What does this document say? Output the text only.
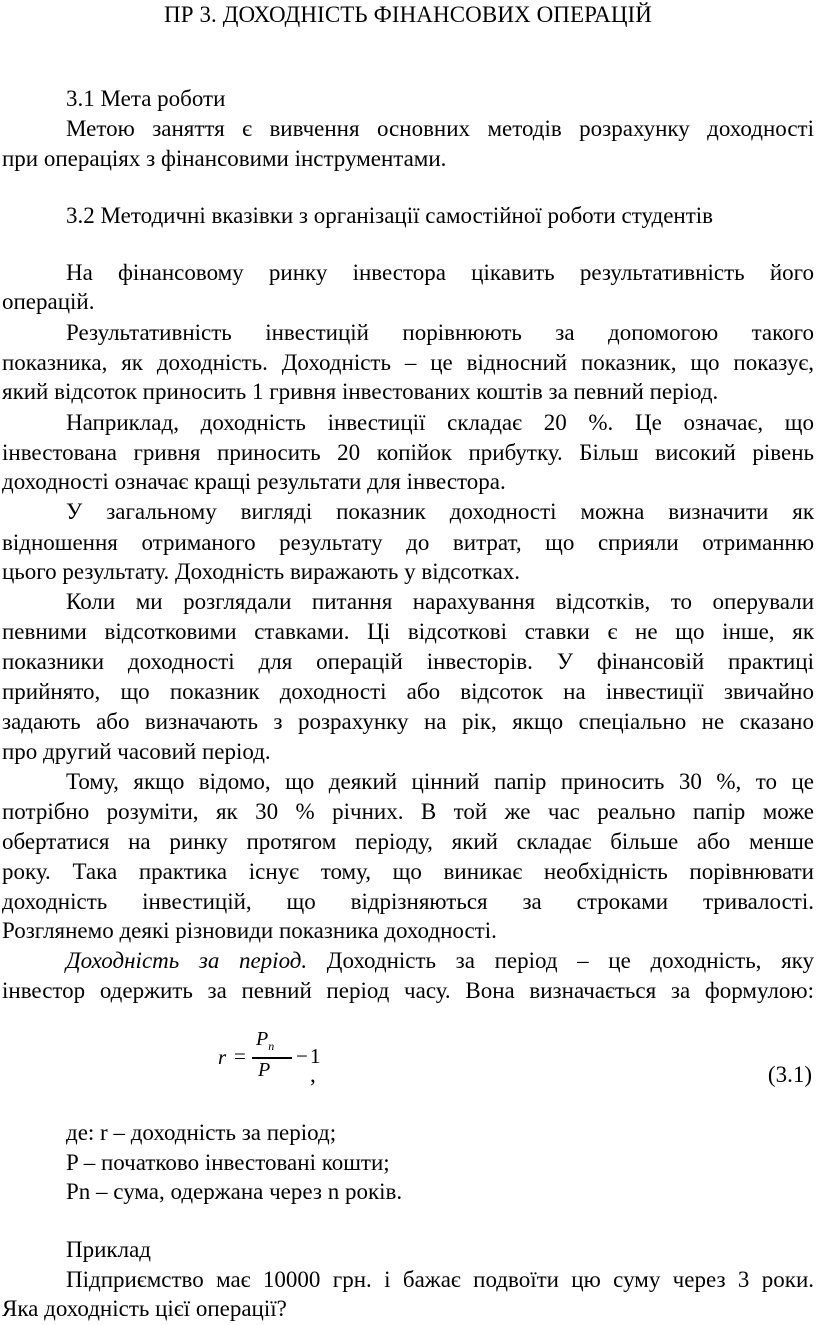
ПР 3. ДОХОДНІСТЬ ФІНАНСОВИХ ОПЕРАЦІЙ
3.1 Мета роботи
Метою заняття є вивчення основних методів розрахунку доходності
при операціях з фінансовими інструментами.
3.2 Методичні вказівки з організації самостійної роботи студентів
На фінансовому ринку інвестора цікавить результативність його
операцій.
Результативність інвестицій порівнюють за допомогою такого
показника, як доходність. Доходність – це відносний показник, що показує,
який відсоток приносить 1 гривня інвестованих коштів за певний період.
Наприклад, доходність інвестиції складає 20 %. Це означає, що
інвестована гривня приносить 20 копійок прибутку. Більш високий рівень
доходності означає кращі результати для інвестора.
У загальному вигляді показник доходності можна визначити як
відношення отриманого результату до витрат, що сприяли отриманню
цього результату. Доходність виражають у відсотках.
Коли ми розглядали питання нарахування відсотків, то оперували
певними відсотковими ставками. Ці відсоткові ставки є не що інше, як
показники доходності для операцій інвесторів. У фінансовій практиці
прийнято, що показник доходності або відсоток на інвестиції звичайно
задають або визначають з розрахунку на рік, якщо спеціально не сказано
про другий часовий період.
Тому, якщо відомо, що деякий цінний папір приносить 30 %, то це
потрібно розуміти, як 30 % річних. В той же час реально папір може
обертатися на ринку протягом періоду, який складає більше або менше
року. Така практика існує тому, що виникає необхідність порівнювати
доходність інвестицій, що відрізняються за строками тривалості.
Розглянемо деякі різновиди показника доходності.
Доходність за період. Доходність за період – це доходність, яку
інвестор одержить за певний період часу. Вона визначається за формулою:
r =
$P_n$
P
− 1
,	(3.1)
де: r – доходність за період;
P – початково інвестовані кошти;
Pn – сума, одержана через n років.
Приклад
Підприємство має 10000 грн. і бажає подвоїти цю суму через 3 роки.
Яка доходність цієї операції?
